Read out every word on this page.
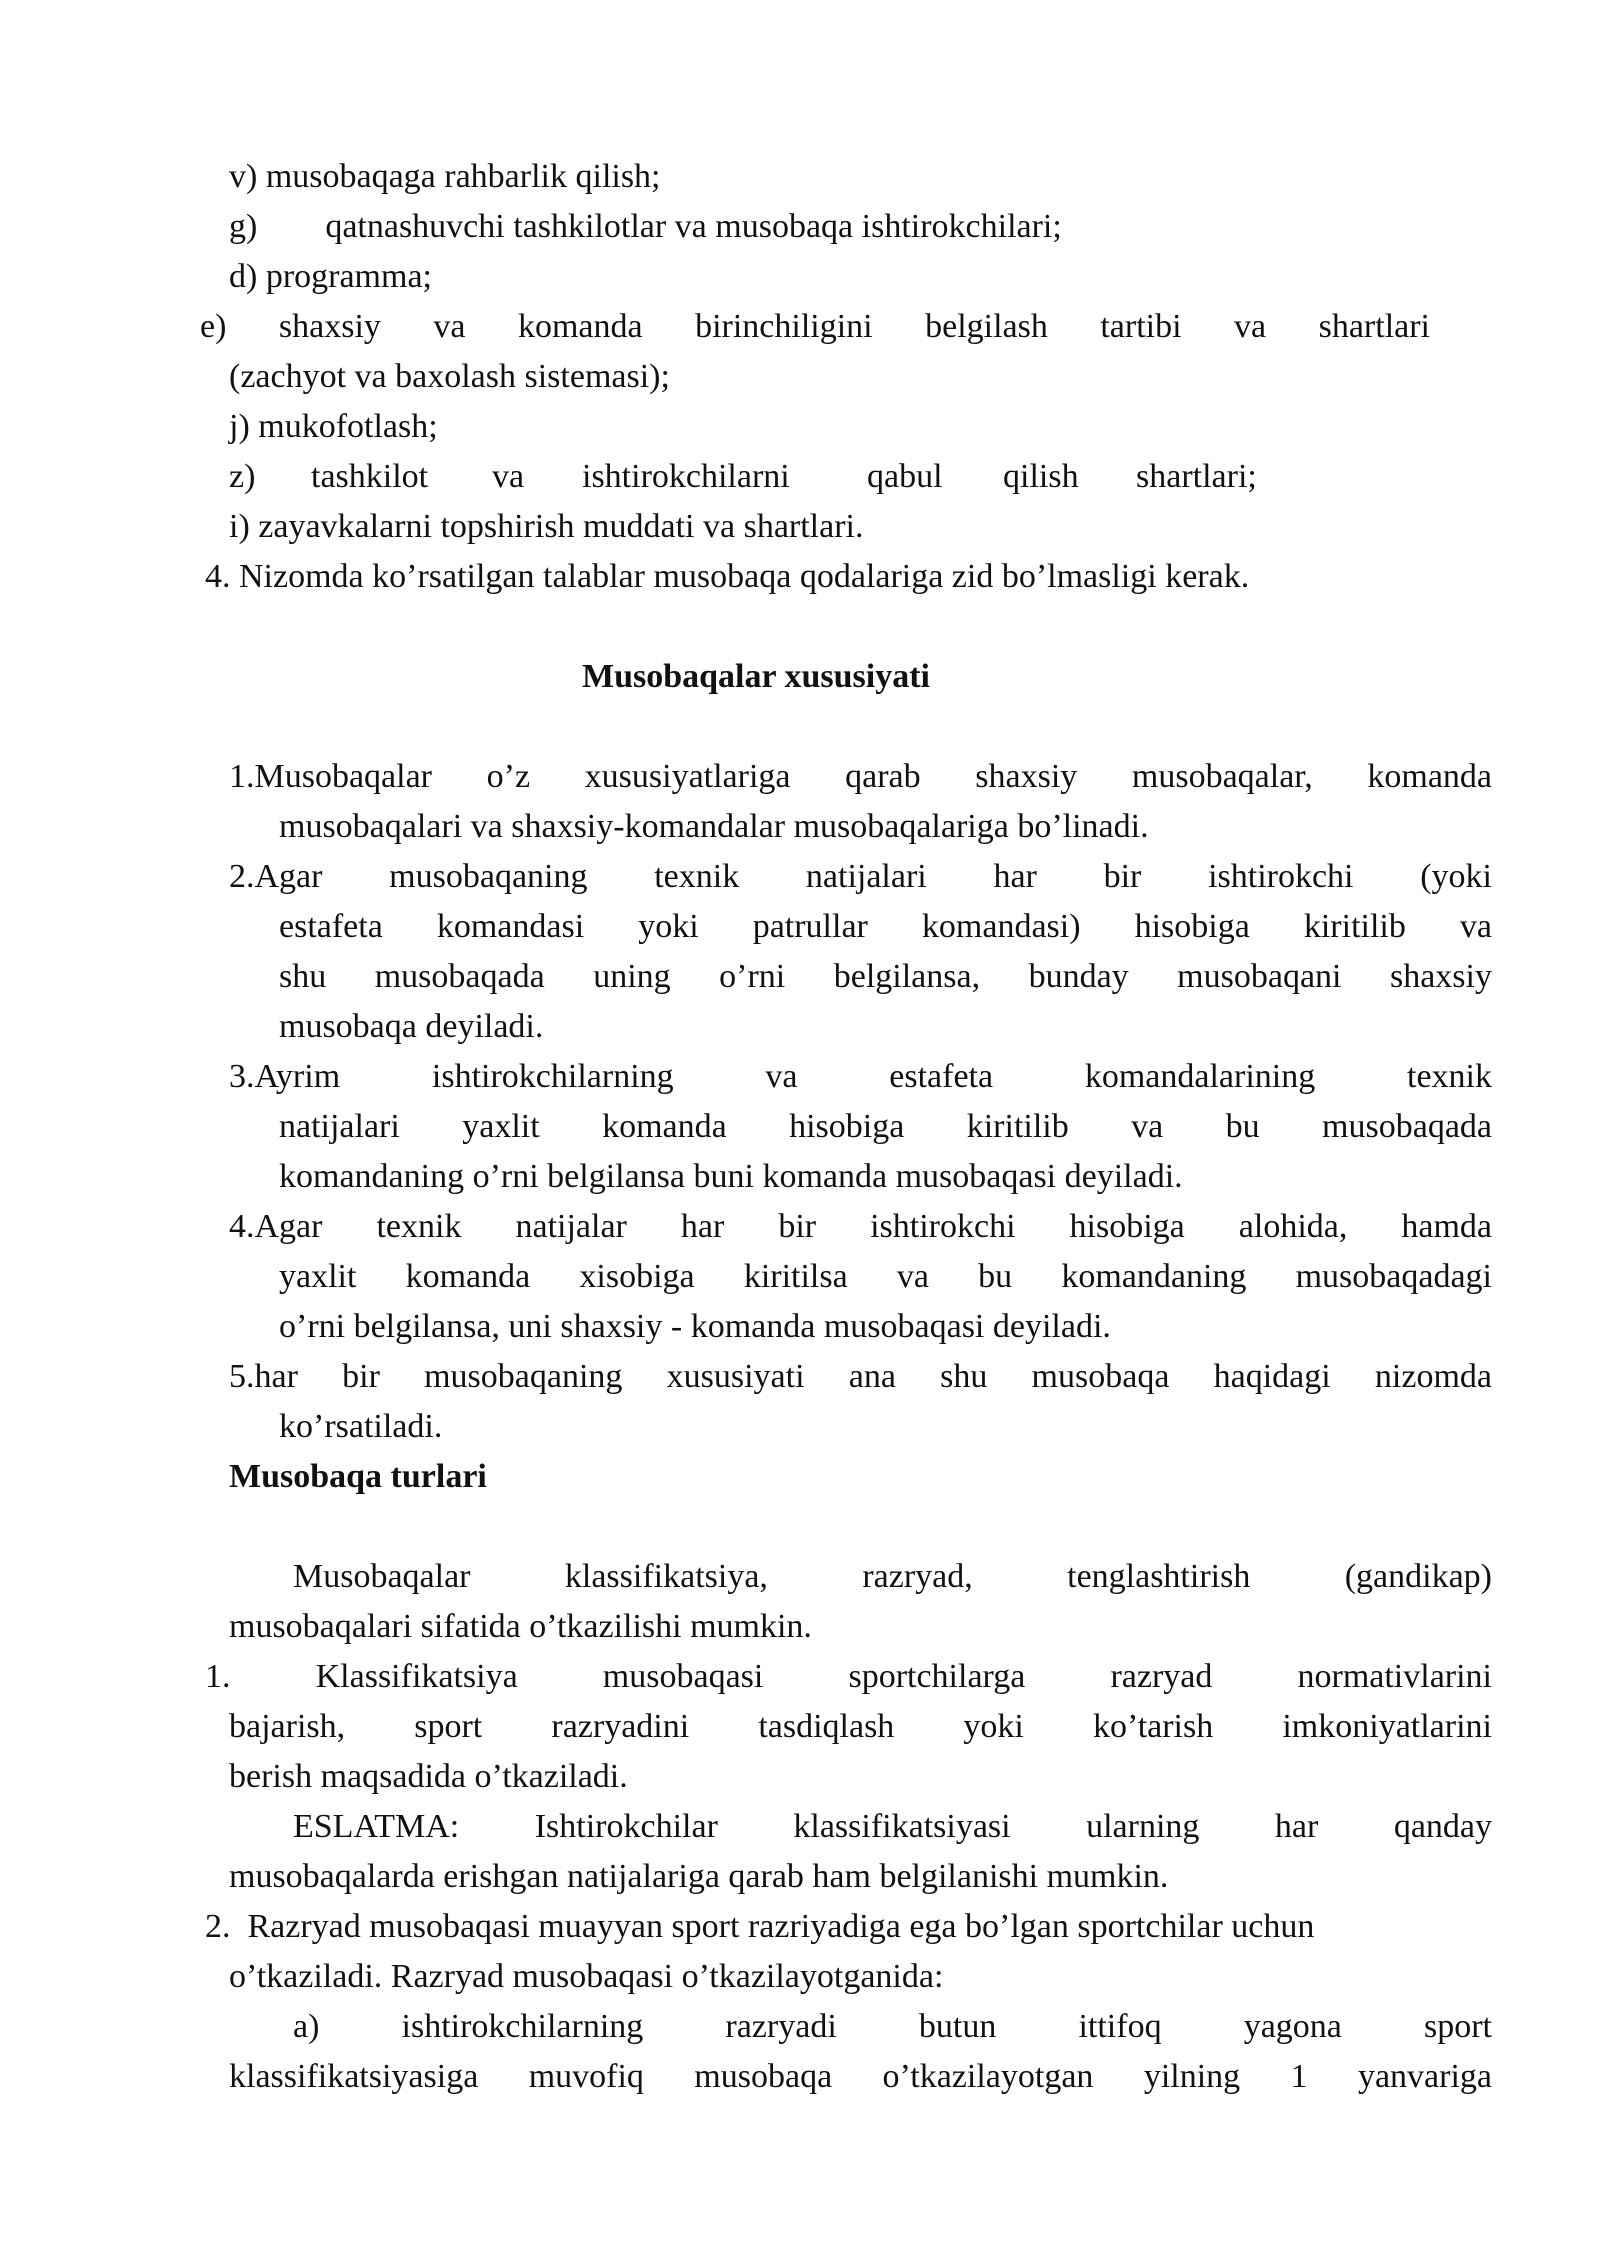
v) musobaqaga rahbarlik qilish;

g)        qatnashuvchi tashkilotlar va musobaqa ishtirokchilari;

d) programma;

e) shaxsiy va komanda birinchiligini belgilash tartibi va shartlari

(zachyot va baxolash sistemasi);

j) mukofotlash;

z) tashkilot va ishtirokchilarni qabul qilish shartlari;

i) zayavkalarni topshirish muddati va shartlari.

4. Nizomda ko’rsatilgan talablar musobaqa qodalariga zid bo’lmasligi kerak.

Musobaqalar xususiyati

1.Musobaqalar o’z xususiyatlariga qarab shaxsiy musobaqalar, komanda

musobaqalari va shaxsiy-komandalar musobaqalariga bo’linadi.

2.Agar musobaqaning texnik natijalari har bir ishtirokchi (yoki

estafeta komandasi yoki patrullar komandasi) hisobiga kiritilib va

shu musobaqada uning o’rni belgilansa, bunday musobaqani shaxsiy

musobaqa deyiladi.

3.Ayrim ishtirokchilarning va estafeta komandalarining texnik

natijalari yaxlit komanda hisobiga kiritilib va bu musobaqada

komandaning o’rni belgilansa buni komanda musobaqasi deyiladi.

4.Agar texnik natijalar har bir ishtirokchi hisobiga alohida, hamda

yaxlit komanda xisobiga kiritilsa va bu komandaning musobaqadagi

o’rni belgilansa, uni shaxsiy - komanda musobaqasi deyiladi.

5.har bir musobaqaning xususiyati ana shu musobaqa haqidagi nizomda

ko’rsatiladi.

Musobaqa turlari

Musobaqalar klassifikatsiya, razryad, tenglashtirish (gandikap)

musobaqalari sifatida o’tkazilishi mumkin.

1. Klassifikatsiya musobaqasi sportchilarga razryad normativlarini

bajarish, sport razryadini tasdiqlash yoki ko’tarish imkoniyatlarini

berish maqsadida o’tkaziladi.

ESLATMA: Ishtirokchilar klassifikatsiyasi ularning har qanday

musobaqalarda erishgan natijalariga qarab ham belgilanishi mumkin.

2.  Razryad musobaqasi muayyan sport razriyadiga ega bo’lgan sportchilar uchun

o’tkaziladi. Razryad musobaqasi o’tkazilayotganida:

a) ishtirokchilarning razryadi butun ittifoq yagona sport

klassifikatsiyasiga muvofiq musobaqa o’tkazilayotgan yilning 1 yanvariga
